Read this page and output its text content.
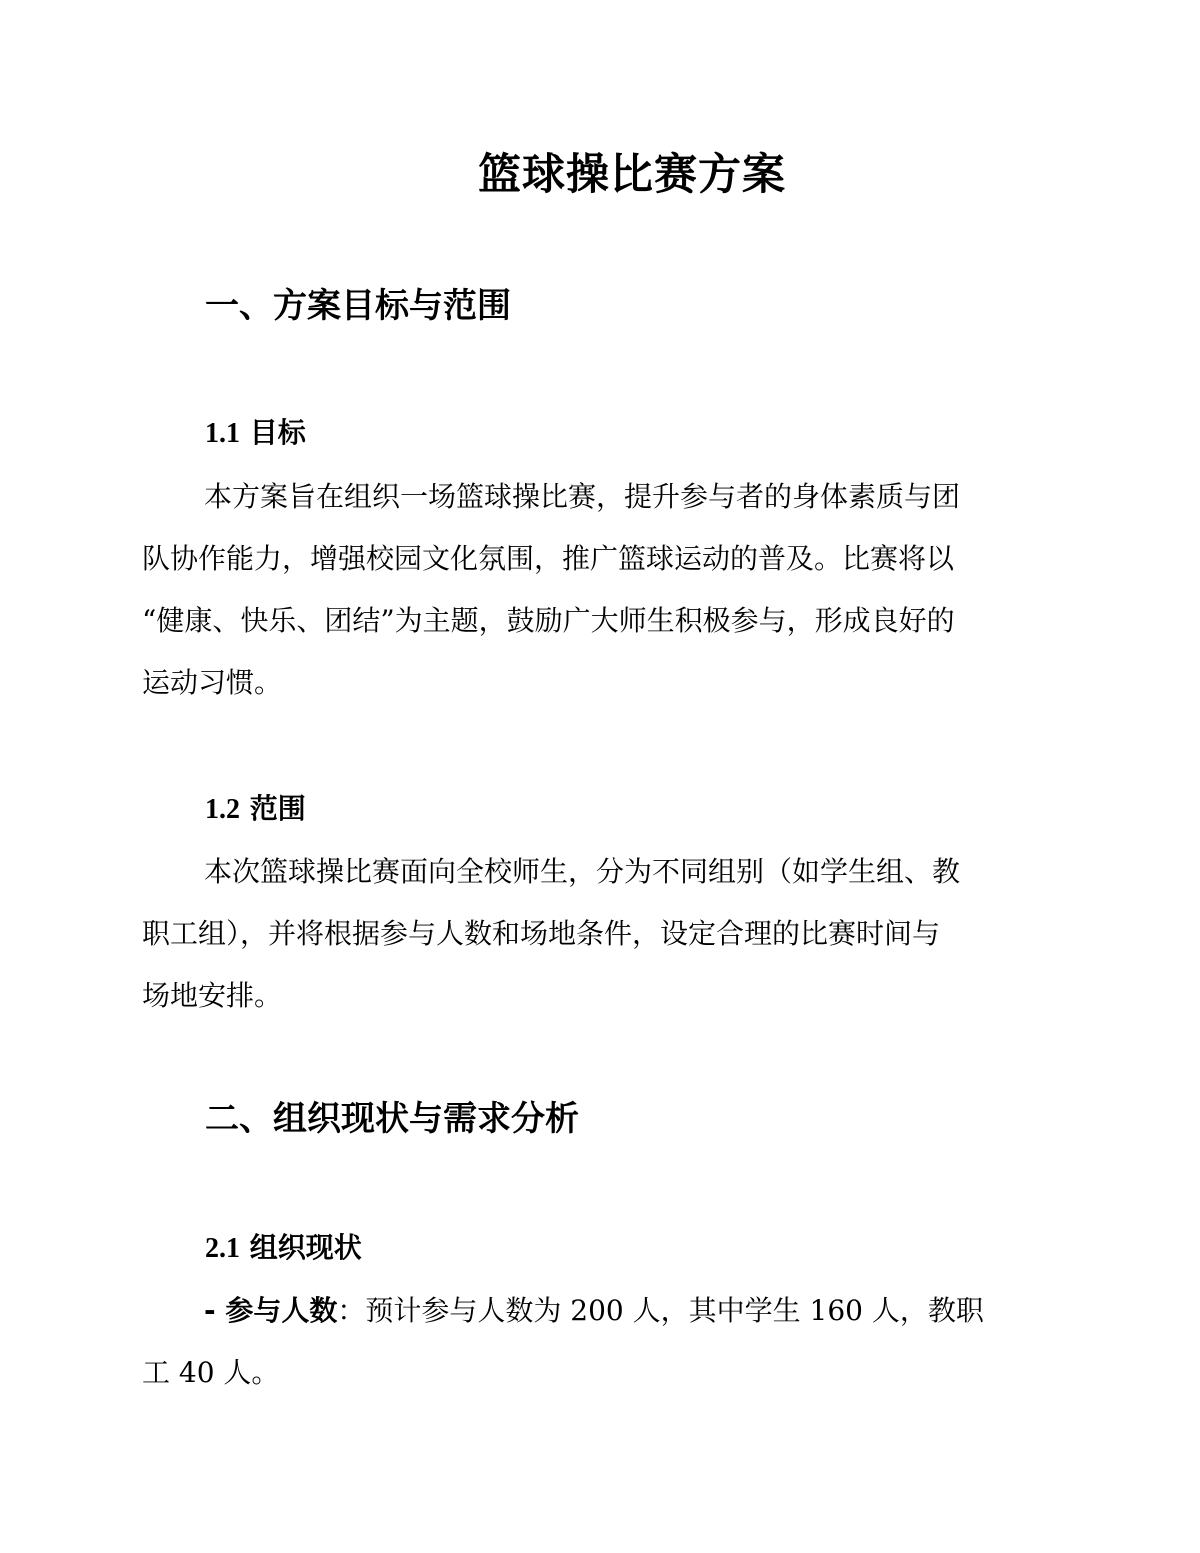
篮球操比赛方案
一、方案目标与范围
1.1 目标
本方案旨在组织一场篮球操比赛，提升参与者的身体素质与团
队协作能力，增强校园文化氛围，推广篮球运动的普及。比赛将以
“健康、快乐、团结”为主题，鼓励广大师生积极参与，形成良好的
运动习惯。
1.2 范围
本次篮球操比赛面向全校师生，分为不同组别（如学生组、教
职工组），并将根据参与人数和场地条件，设定合理的比赛时间与
场地安排。
二、组织现状与需求分析
2.1 组织现状
- 参与人数：预计参与人数为 200 人，其中学生 160 人，教职
工 40 人。
